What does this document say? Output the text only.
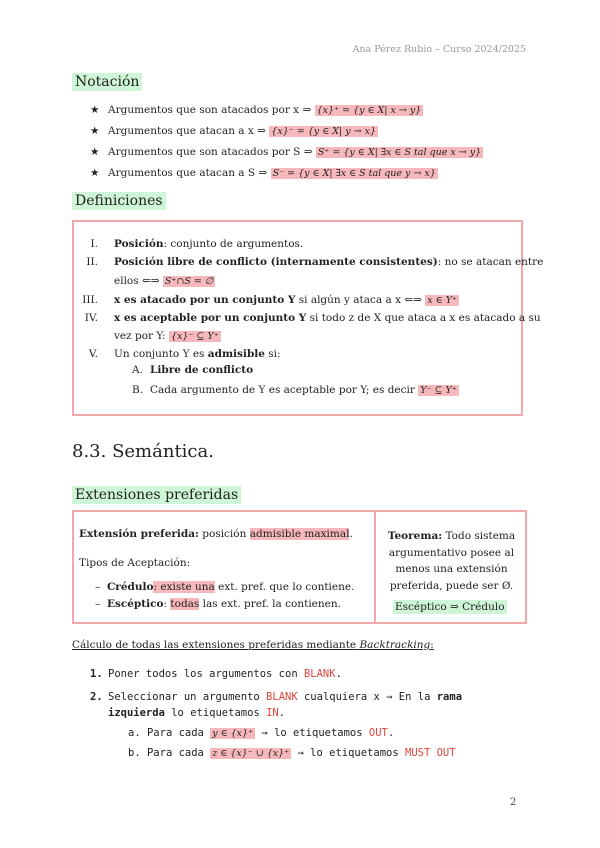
Ana Pérez Rubio – Curso 2024/2025
Notación
★ Argumentos que son atacados por x ⇒ {x}⁺ = {y ∈ X| x → y}
★ Argumentos que atacan a x ⇒ {x}⁻ = {y ∈ X| y → x}
★ Argumentos que son atacados por S ⇒ S⁺ = {y ∈ X| ∃x ∈ S tal que x → y}
★ Argumentos que atacan a S ⇒ S⁻ = {y ∈ X| ∃x ∈ S tal que y → x}
Definiciones
I. Posición: conjunto de argumentos.
II. Posición libre de conflicto (internamente consistentes): no se atacan entre
ellos ⇐⇒ S⁺∩S = ∅
III. x es atacado por un conjunto Y si algún y ataca a x ⇐⇒ x ∈ Y⁺
IV. x es aceptable por un conjunto Y si todo z de X que ataca a x es atacado a su
vez por Y: {x}⁻ ⊆ Y⁺
V. Un conjunto Y es admisible si:
A. Libre de conflicto
B. Cada argumento de Y es aceptable por Y; es decir Y⁻ ⊆ Y⁺
8.3. Semántica.
Extensiones preferidas
Extensión preferida: posición admisible maximal.
Tipos de Aceptación:
–  Crédulo: existe una ext. pref. que lo contiene.
–  Escéptico: todas las ext. pref. la contienen.
Teorema: Todo sistema
argumentativo posee al
menos una extensión
preferida, puede ser Ø.
Escéptico ⇒ Crédulo
Cálculo de todas las extensiones preferidas mediante Backtracking:
1. Poner todos los argumentos con BLANK.
2. Seleccionar un argumento BLANK cualquiera x → En la rama
izquierda lo etiquetamos IN.
a. Para cada y ∈ {x}⁺ → lo etiquetamos OUT.
b. Para cada z ∈ {x}⁻ ∪ {x}⁺ → lo etiquetamos MUST OUT
2
